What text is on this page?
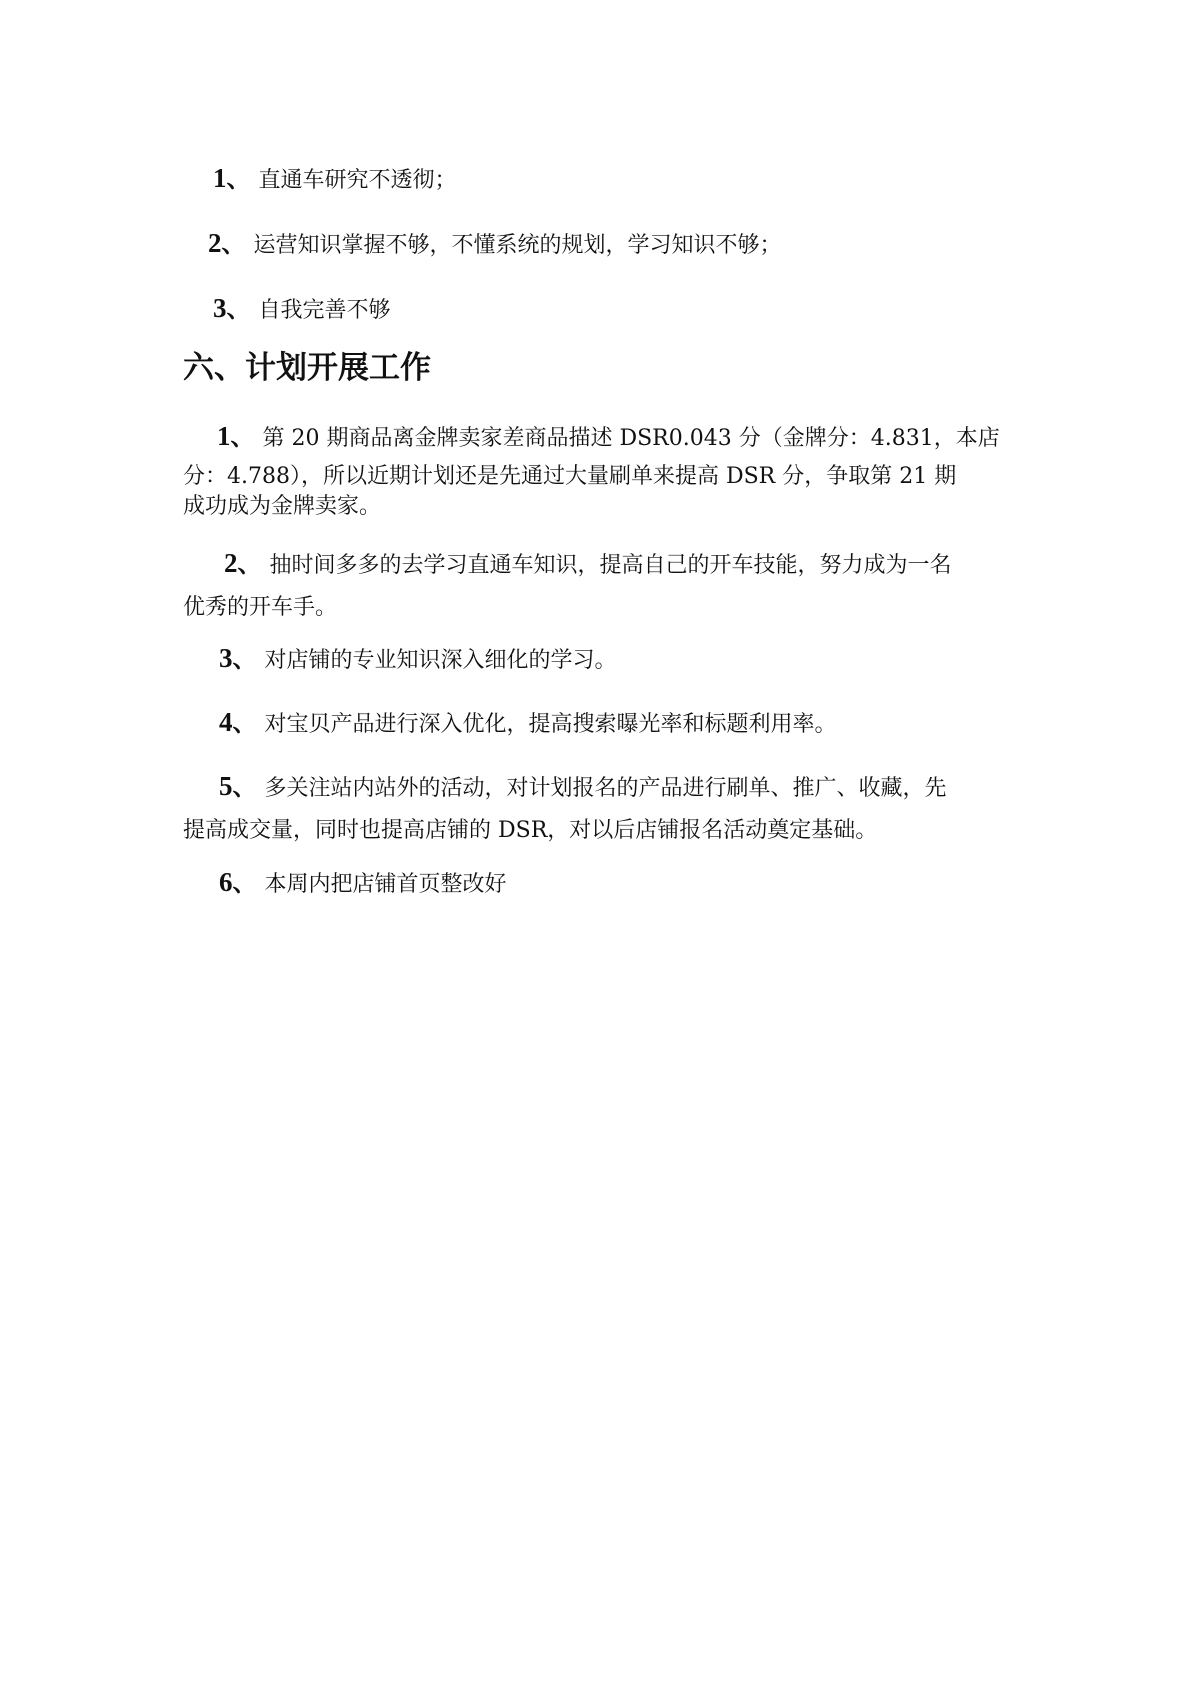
1、 直通车研究不透彻；
2、 运营知识掌握不够，不懂系统的规划，学习知识不够；
3、 自我完善不够
六、计划开展工作
1、 第 20 期商品离金牌卖家差商品描述 DSR0.043 分（金牌分：4.831，本店
分：4.788），所以近期计划还是先通过大量刷单来提高 DSR 分，争取第 21 期
成功成为金牌卖家。
2、 抽时间多多的去学习直通车知识，提高自己的开车技能，努力成为一名
优秀的开车手。
3、 对店铺的专业知识深入细化的学习。
4、 对宝贝产品进行深入优化，提高搜索曝光率和标题利用率。
5、 多关注站内站外的活动，对计划报名的产品进行刷单、推广、收藏，先
提高成交量，同时也提高店铺的 DSR，对以后店铺报名活动奠定基础。
6、 本周内把店铺首页整改好
